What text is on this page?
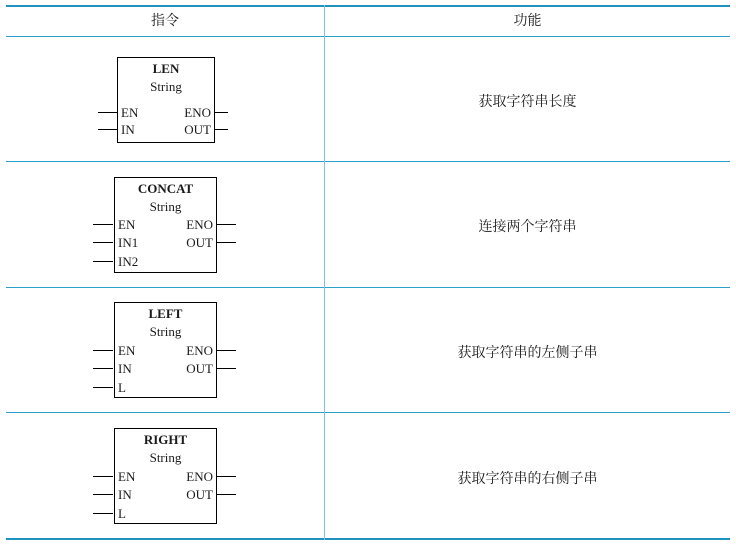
指令	功能
LEN
String
EN
IN
ENO
OUT
获取字符串长度
CONCAT
String
EN
IN1
IN2
ENO
OUT
连接两个字符串
LEFT
String
EN
IN
L
ENO
OUT
获取字符串的左侧子串
RIGHT
String
EN
IN
L
ENO
OUT
获取字符串的右侧子串
